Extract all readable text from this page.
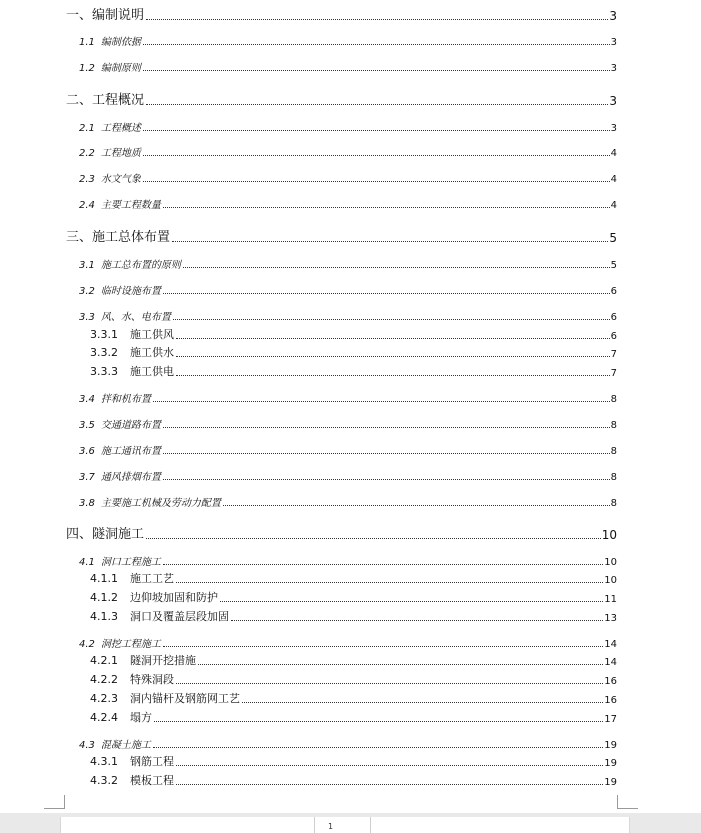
一、编制说明	3
1.1 编制依据	3
1.2 编制原则	3
二、工程概况	3
2.1 工程概述	3
2.2 工程地质	4
2.3 水文气象	4
2.4 主要工程数量	4
三、施工总体布置	5
3.1 施工总布置的原则	5
3.2 临时设施布置	6
3.3 风、水、电布置	6
3.3.1 施工供风	6
3.3.2 施工供水	7
3.3.3 施工供电	7
3.4 拌和机布置	8
3.5 交通道路布置	8
3.6 施工通讯布置	8
3.7 通风排烟布置	8
3.8 主要施工机械及劳动力配置	8
四、隧洞施工	10
4.1 洞口工程施工	10
4.1.1 施工工艺	10
4.1.2 边仰坡加固和防护	11
4.1.3 洞口及覆盖层段加固	13
4.2 洞挖工程施工	14
4.2.1 隧洞开挖措施	14
4.2.2 特殊洞段	16
4.2.3 洞内锚杆及钢筋网工艺	16
4.2.4 塌方	17
4.3 混凝土施工	19
4.3.1 钢筋工程	19
4.3.2 模板工程	19
1
